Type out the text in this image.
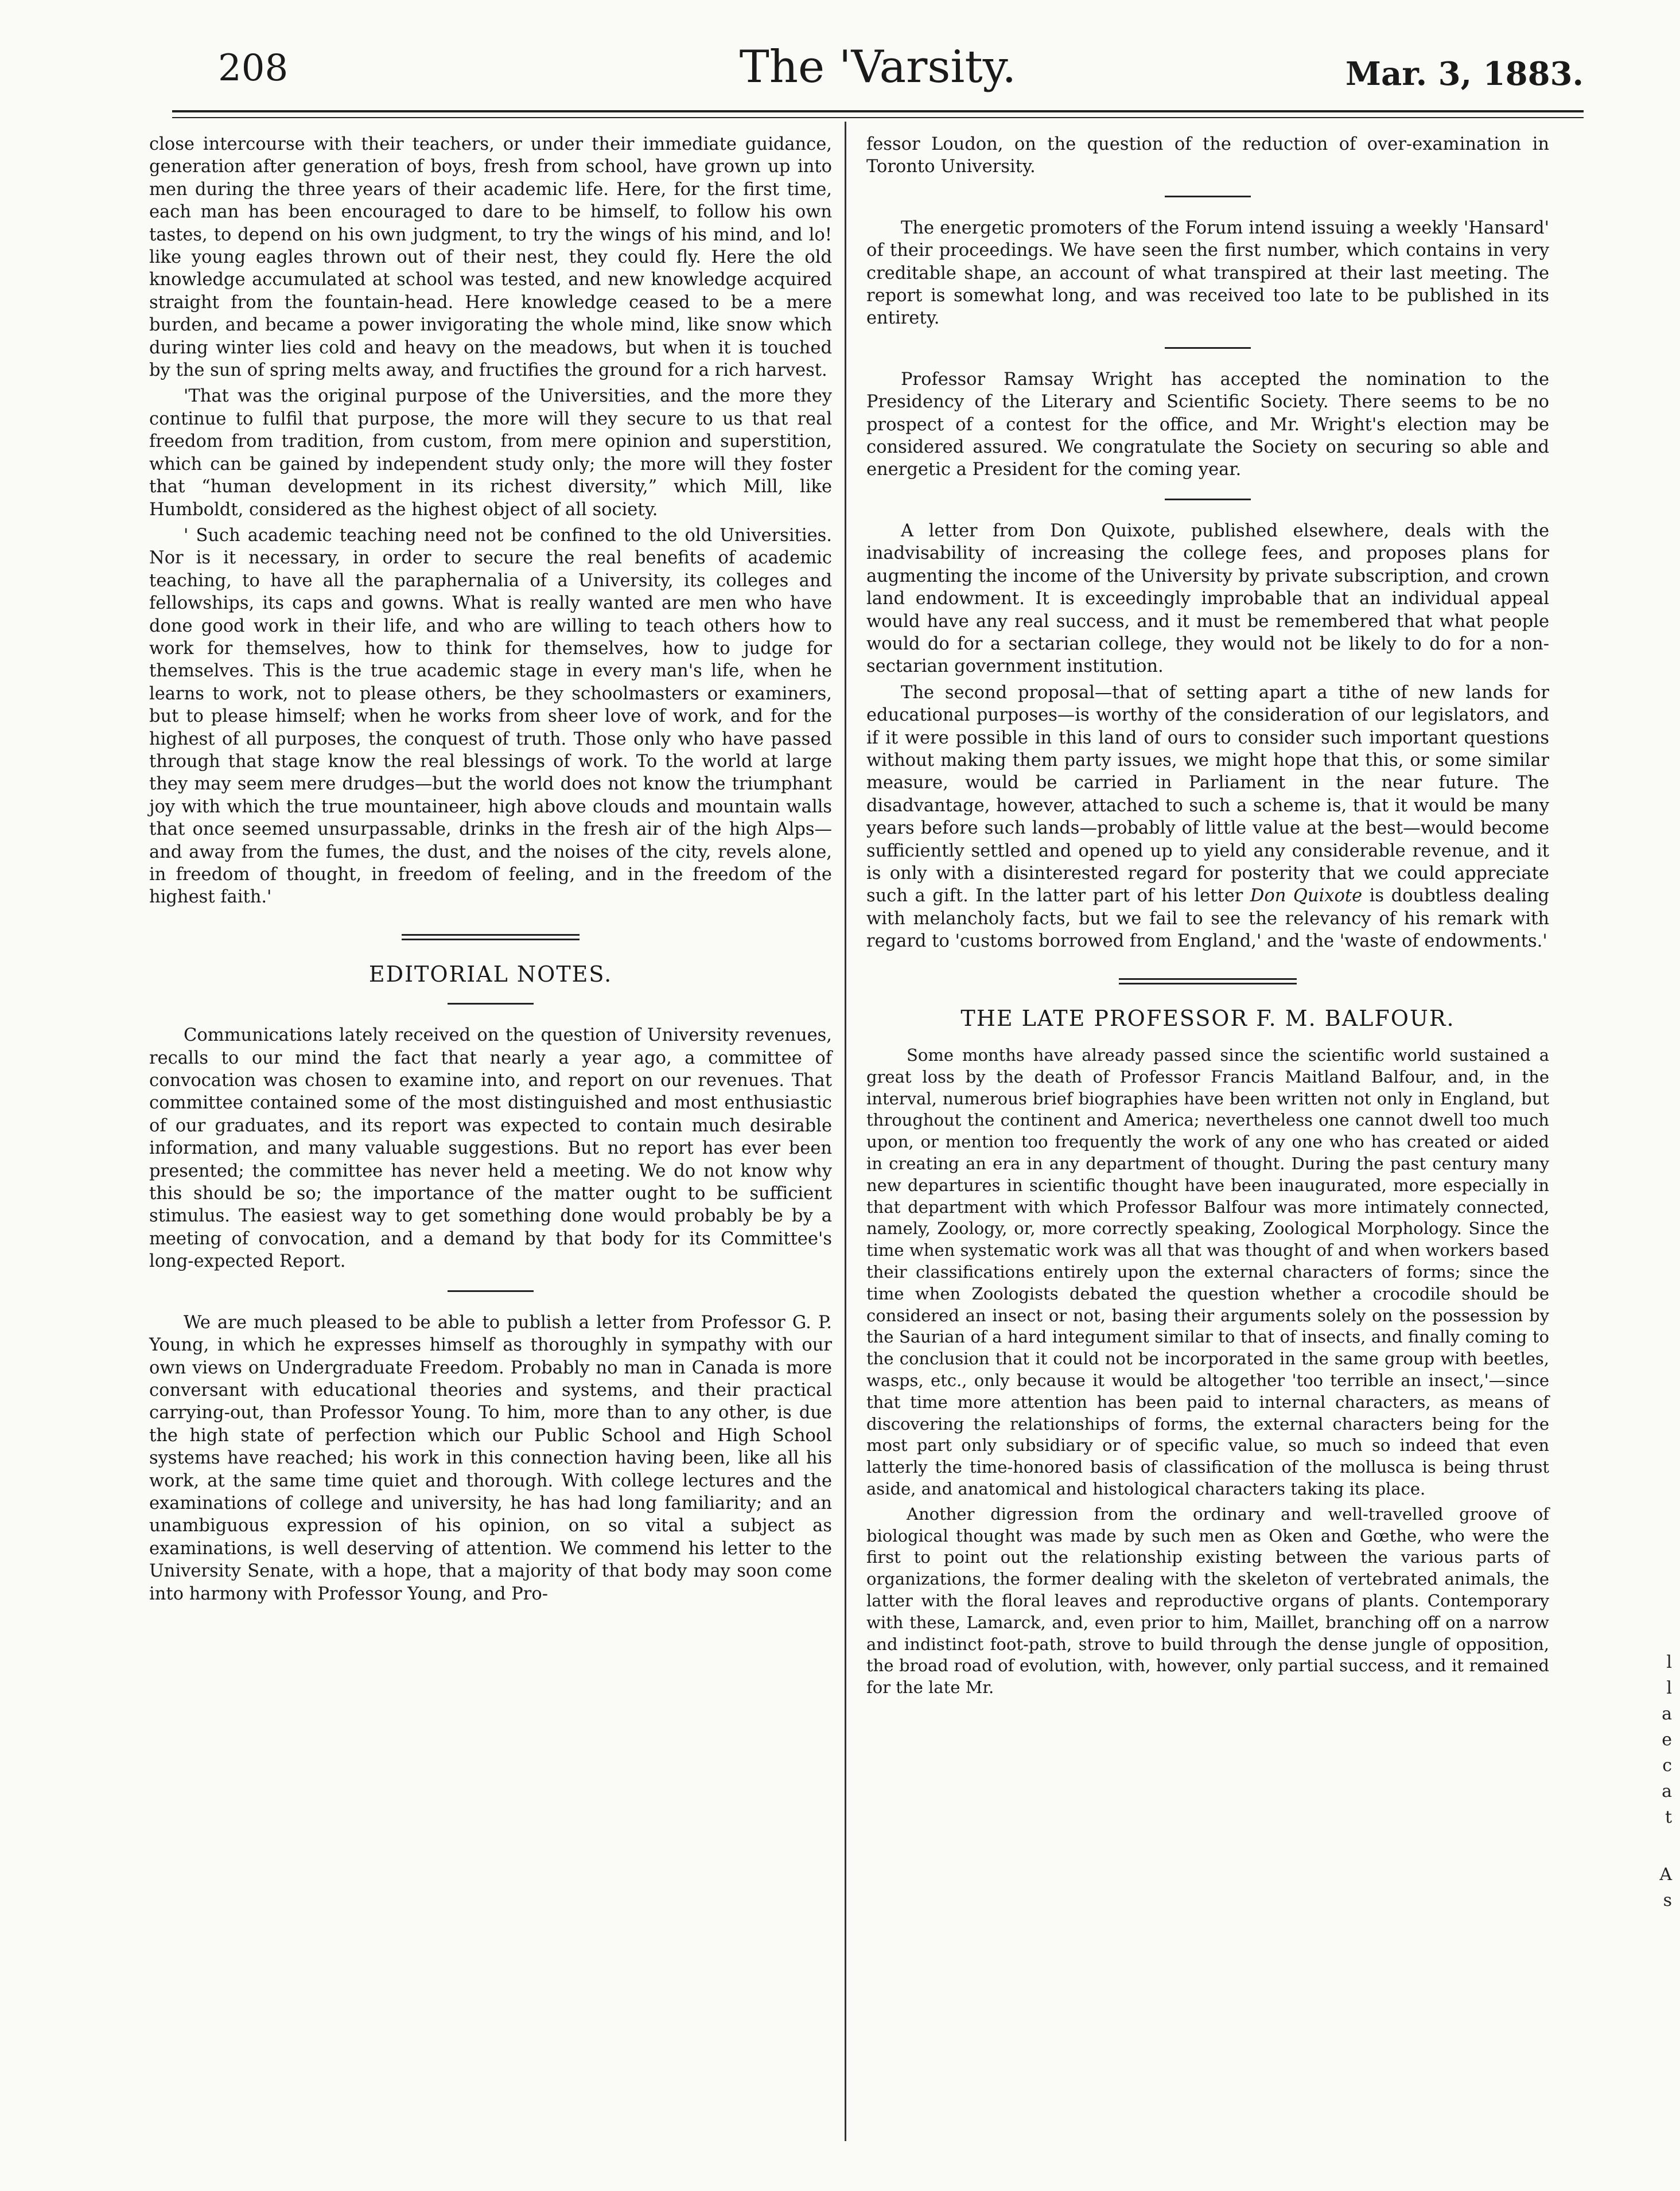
208	The 'Varsity.	Mar. 3, 1883.

close intercourse with their teachers, or under their immediate guidance, generation after generation of boys, fresh from school, have grown up into men during the three years of their academic life. Here, for the first time, each man has been encouraged to dare to be himself, to follow his own tastes, to depend on his own judgment, to try the wings of his mind, and lo! like young eagles thrown out of their nest, they could fly. Here the old knowledge accumulated at school was tested, and new knowledge acquired straight from the fountain-head. Here knowledge ceased to be a mere burden, and became a power invigorating the whole mind, like snow which during winter lies cold and heavy on the meadows, but when it is touched by the sun of spring melts away, and fructifies the ground for a rich harvest.

'That was the original purpose of the Universities, and the more they continue to fulfil that purpose, the more will they secure to us that real freedom from tradition, from custom, from mere opinion and superstition, which can be gained by independent study only; the more will they foster that “human development in its richest diversity,” which Mill, like Humboldt, considered as the highest object of all society.

' Such academic teaching need not be confined to the old Universities. Nor is it necessary, in order to secure the real benefits of academic teaching, to have all the paraphernalia of a University, its colleges and fellowships, its caps and gowns. What is really wanted are men who have done good work in their life, and who are willing to teach others how to work for themselves, how to think for themselves, how to judge for themselves. This is the true academic stage in every man's life, when he learns to work, not to please others, be they schoolmasters or examiners, but to please himself; when he works from sheer love of work, and for the highest of all purposes, the conquest of truth. Those only who have passed through that stage know the real blessings of work. To the world at large they may seem mere drudges—but the world does not know the triumphant joy with which the true mountaineer, high above clouds and mountain walls that once seemed unsurpassable, drinks in the fresh air of the high Alps—and away from the fumes, the dust, and the noises of the city, revels alone, in freedom of thought, in freedom of feeling, and in the freedom of the highest faith.'

EDITORIAL NOTES.

Communications lately received on the question of University revenues, recalls to our mind the fact that nearly a year ago, a committee of convocation was chosen to examine into, and report on our revenues. That committee contained some of the most distinguished and most enthusiastic of our graduates, and its report was expected to contain much desirable information, and many valuable suggestions. But no report has ever been presented; the committee has never held a meeting. We do not know why this should be so; the importance of the matter ought to be sufficient stimulus. The easiest way to get something done would probably be by a meeting of convocation, and a demand by that body for its Committee's long-expected Report.

We are much pleased to be able to publish a letter from Professor G. P. Young, in which he expresses himself as thoroughly in sympathy with our own views on Undergraduate Freedom. Probably no man in Canada is more conversant with educational theories and systems, and their practical carrying-out, than Professor Young. To him, more than to any other, is due the high state of perfection which our Public School and High School systems have reached; his work in this connection having been, like all his work, at the same time quiet and thorough. With college lectures and the examinations of college and university, he has had long familiarity; and an unambiguous expression of his opinion, on so vital a subject as examinations, is well deserving of attention. We commend his letter to the University Senate, with a hope, that a majority of that body may soon come into harmony with Professor Young, and Pro-

fessor Loudon, on the question of the reduction of over-examination in Toronto University.

The energetic promoters of the Forum intend issuing a weekly 'Hansard' of their proceedings. We have seen the first number, which contains in very creditable shape, an account of what transpired at their last meeting. The report is somewhat long, and was received too late to be published in its entirety.

Professor Ramsay Wright has accepted the nomination to the Presidency of the Literary and Scientific Society. There seems to be no prospect of a contest for the office, and Mr. Wright's election may be considered assured. We congratulate the Society on securing so able and energetic a President for the coming year.

A letter from Don Quixote, published elsewhere, deals with the inadvisability of increasing the college fees, and proposes plans for augmenting the income of the University by private subscription, and crown land endowment. It is exceedingly improbable that an individual appeal would have any real success, and it must be remembered that what people would do for a sectarian college, they would not be likely to do for a non-sectarian government institution.

The second proposal—that of setting apart a tithe of new lands for educational purposes—is worthy of the consideration of our legislators, and if it were possible in this land of ours to consider such important questions without making them party issues, we might hope that this, or some similar measure, would be carried in Parliament in the near future. The disadvantage, however, attached to such a scheme is, that it would be many years before such lands—probably of little value at the best—would become sufficiently settled and opened up to yield any considerable revenue, and it is only with a disinterested regard for posterity that we could appreciate such a gift. In the latter part of his letter Don Quixote is doubtless dealing with melancholy facts, but we fail to see the relevancy of his remark with regard to 'customs borrowed from England,' and the 'waste of endowments.'

THE LATE PROFESSOR F. M. BALFOUR.

Some months have already passed since the scientific world sustained a great loss by the death of Professor Francis Maitland Balfour, and, in the interval, numerous brief biographies have been written not only in England, but throughout the continent and America; nevertheless one cannot dwell too much upon, or mention too frequently the work of any one who has created or aided in creating an era in any department of thought. During the past century many new departures in scientific thought have been inaugurated, more especially in that department with which Professor Balfour was more intimately connected, namely, Zoology, or, more correctly speaking, Zoological Morphology. Since the time when systematic work was all that was thought of and when workers based their classifications entirely upon the external characters of forms; since the time when Zoologists debated the question whether a crocodile should be considered an insect or not, basing their arguments solely on the possession by the Saurian of a hard integument similar to that of insects, and finally coming to the conclusion that it could not be incorporated in the same group with beetles, wasps, etc., only because it would be altogether 'too terrible an insect,'—since that time more attention has been paid to internal characters, as means of discovering the relationships of forms, the external characters being for the most part only subsidiary or of specific value, so much so indeed that even latterly the time-honored basis of classification of the mollusca is being thrust aside, and anatomical and histological characters taking its place.

Another digression from the ordinary and well-travelled groove of biological thought was made by such men as Oken and Gœthe, who were the first to point out the relationship existing between the various parts of organizations, the former dealing with the skeleton of vertebrated animals, the latter with the floral leaves and reproductive organs of plants. Contemporary with these, Lamarck, and, even prior to him, Maillet, branching off on a narrow and indistinct foot-path, strove to build through the dense jungle of opposition, the broad road of evolution, with, however, only partial success, and it remained for the late Mr.

l
l
a
e
c
a
t
A
s
